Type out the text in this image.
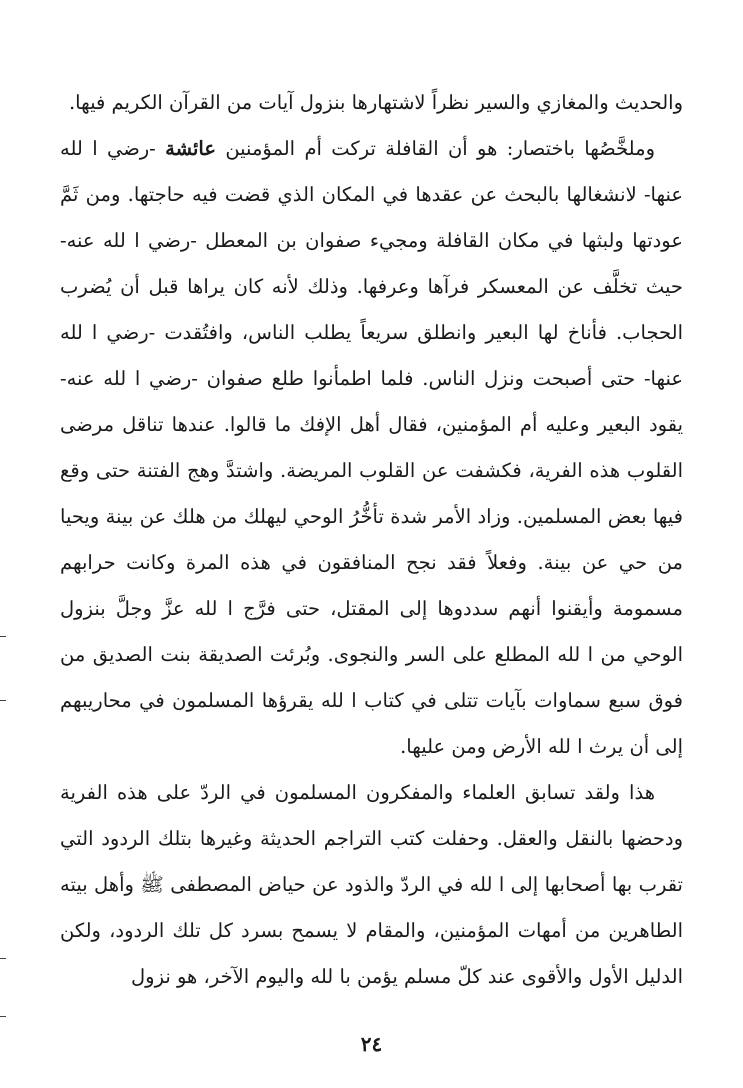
والحديث والمغازي والسير نظراً لاشتهارها بنزول آيات من القرآن الكريم فيها.

وملخَّصُها باختصار: هو أن القافلة تركت أم المؤمنين عائشة -رضي ا لله عنها- لانشغالها بالبحث عن عقدها في المكان الذي قضت فيه حاجتها. ومن ثَمَّ عودتها ولبثها في مكان القافلة ومجيء صفوان بن المعطل -رضي ا لله عنه- حيث تخلَّف عن المعسكر فرآها وعرفها. وذلك لأنه كان يراها قبل أن يُضرب الحجاب. فأناخ لها البعير وانطلق سريعاً يطلب الناس، وافتُقدت -رضي ا لله عنها- حتى أصبحت ونزل الناس. فلما اطمأنوا طلع صفوان -رضي ا لله عنه- يقود البعير وعليه أم المؤمنين، فقال أهل الإفك ما قالوا. عندها تناقل مرضى القلوب هذه الفرية، فكشفت عن القلوب المريضة. واشتدَّ وهج الفتنة حتى وقع فيها بعض المسلمين. وزاد الأمر شدة تأخُّرُ الوحي ليهلك من هلك عن بينة ويحيا من حي عن بينة. وفعلاً فقد نجح المنافقون في هذه المرة وكانت حرابهم مسمومة وأيقنوا أنهم سددوها إلى المقتل، حتى فرَّج ا لله عزَّ وجلَّ بنزول الوحي من ا لله المطلع على السر والنجوى. وبُرئت الصديقة بنت الصديق من فوق سبع سماوات بآيات تتلى في كتاب ا لله يقرؤها المسلمون في محاريبهم إلى أن يرث ا لله الأرض ومن عليها.

هذا ولقد تسابق العلماء والمفكرون المسلمون في الردّ على هذه الفرية ودحضها بالنقل والعقل. وحفلت كتب التراجم الحديثة وغيرها بتلك الردود التي تقرب بها أصحابها إلى ا لله في الردّ والذود عن حياض المصطفى ﷺ وأهل بيته الطاهرين من أمهات المؤمنين، والمقام لا يسمح بسرد كل تلك الردود، ولكن الدليل الأول والأقوى عند كلّ مسلم يؤمن با لله واليوم الآخر، هو نزول

٢٤
